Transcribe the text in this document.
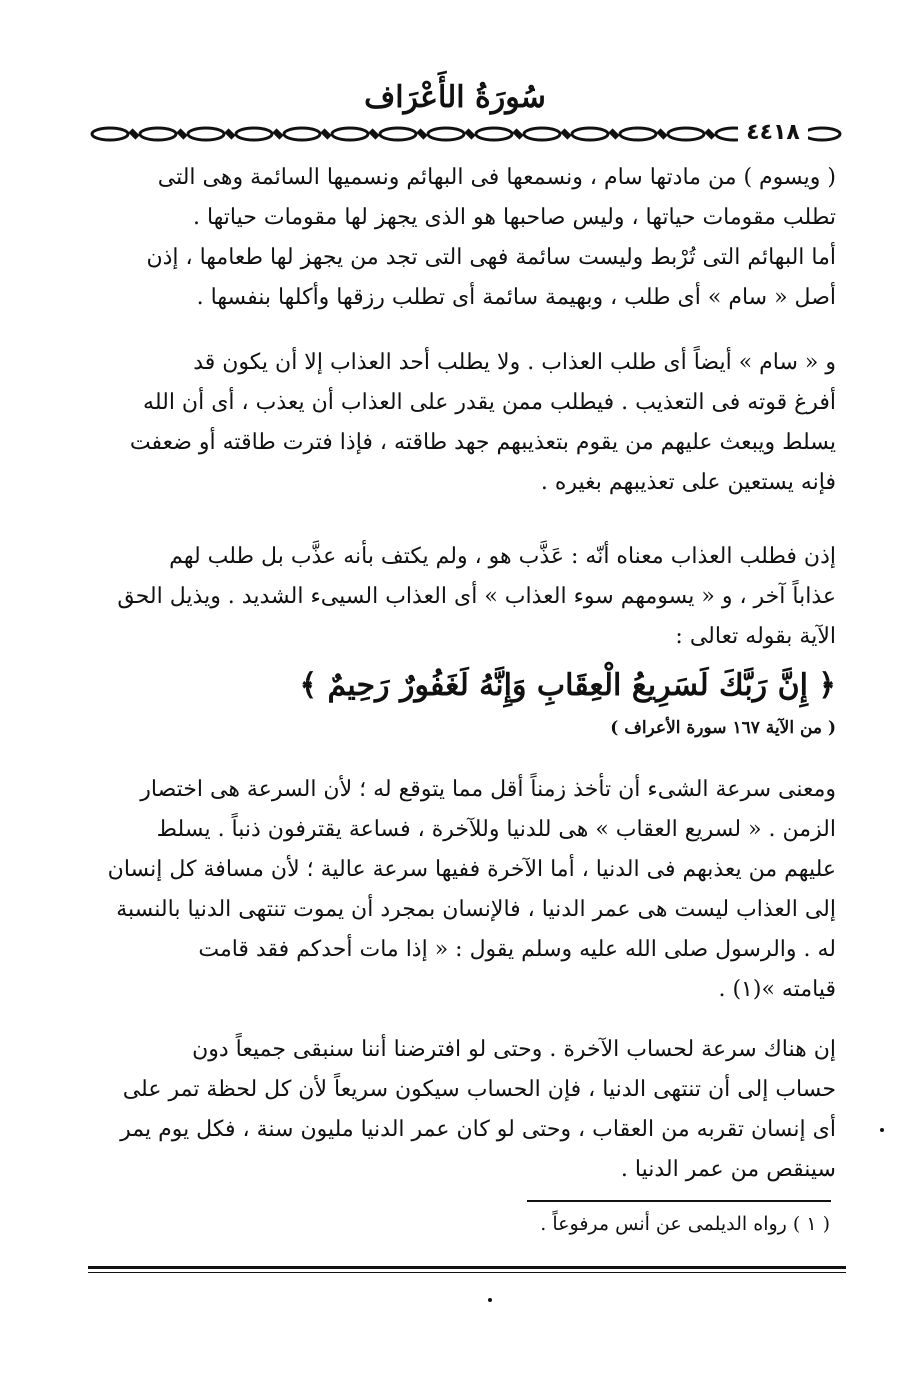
سُورَةُ الأَعْرَاف
٤٤١٨
( ويسوم ) من مادتها سام ، ونسمعها فى البهائم ونسميها السائمة وهى التى
تطلب مقومات حياتها ، وليس صاحبها هو الذى يجهز لها مقومات حياتها .
أما البهائم التى تُرْبط وليست سائمة فهى التى تجد من يجهز لها طعامها ، إذن
أصل « سام » أى طلب ، وبهيمة سائمة أى تطلب رزقها وأكلها بنفسها .
و « سام » أيضاً أى طلب العذاب . ولا يطلب أحد العذاب إلا أن يكون قد
أفرغ قوته فى التعذيب . فيطلب ممن يقدر على العذاب أن يعذب ، أى أن الله
يسلط ويبعث عليهم من يقوم بتعذيبهم جهد طاقته ، فإذا فترت طاقته أو ضعفت
فإنه يستعين على تعذيبهم بغيره .
إذن فطلب العذاب معناه أنّه : عَذَّب هو ، ولم يكتف بأنه عذَّب بل طلب لهم
عذاباً آخر ، و « يسومهم سوء العذاب » أى العذاب السيىء الشديد . ويذيل الحق
الآية بقوله تعالى :
﴿ إِنَّ رَبَّكَ لَسَرِيعُ الْعِقَابِ وَإِنَّهُ لَغَفُورٌ رَحِيمٌ ﴾
( من الآية ١٦٧ سورة الأعراف )
ومعنى سرعة الشىء أن تأخذ زمناً أقل مما يتوقع له ؛ لأن السرعة هى اختصار
الزمن . « لسريع العقاب » هى للدنيا وللآخرة ، فساعة يقترفون ذنباً . يسلط
عليهم من يعذبهم فى الدنيا ، أما الآخرة ففيها سرعة عالية ؛ لأن مسافة كل إنسان
إلى العذاب ليست هى عمر الدنيا ، فالإنسان بمجرد أن يموت تنتهى الدنيا بالنسبة
له . والرسول صلى الله عليه وسلم يقول : « إذا مات أحدكم فقد قامت
قيامته »(١) .
إن هناك سرعة لحساب الآخرة . وحتى لو افترضنا أننا سنبقى جميعاً دون
حساب إلى أن تنتهى الدنيا ، فإن الحساب سيكون سريعاً لأن كل لحظة تمر على
أى إنسان تقربه من العقاب ، وحتى لو كان عمر الدنيا مليون سنة ، فكل يوم يمر
سينقص من عمر الدنيا .
( ١ ) رواه الديلمى عن أنس مرفوعاً .
